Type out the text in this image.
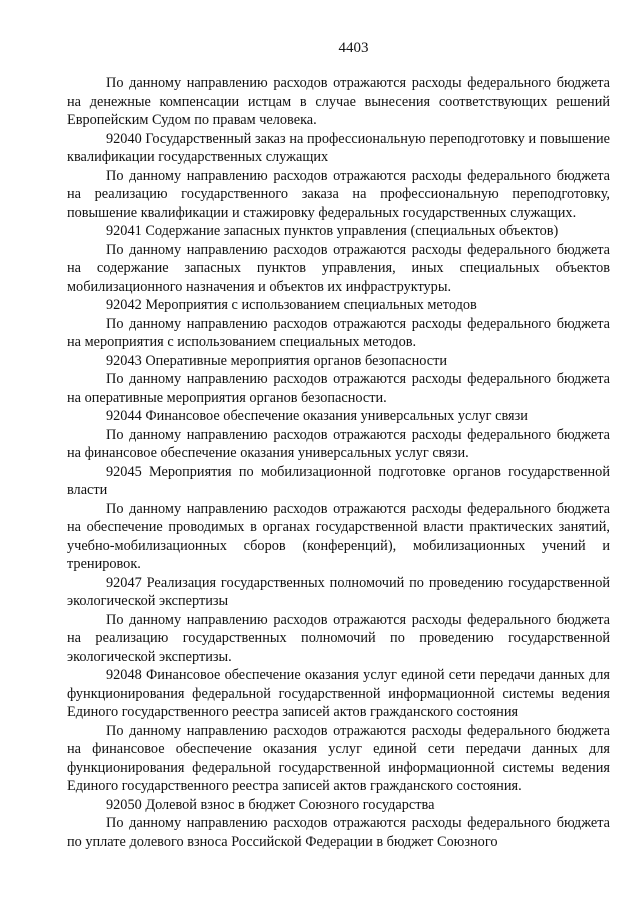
4403

По данному направлению расходов отражаются расходы федерального бюджета на денежные компенсации истцам в случае вынесения соответствующих решений Европейским Судом по правам человека.

92040 Государственный заказ на профессиональную переподготовку и повышение квалификации государственных служащих

По данному направлению расходов отражаются расходы федерального бюджета на реализацию государственного заказа на профессиональную переподготовку, повышение квалификации и стажировку федеральных государственных служащих.

92041 Содержание запасных пунктов управления (специальных объектов)

По данному направлению расходов отражаются расходы федерального бюджета на содержание запасных пунктов управления, иных специальных объектов мобилизационного назначения и объектов их инфраструктуры.

92042 Мероприятия с использованием специальных методов

По данному направлению расходов отражаются расходы федерального бюджета на мероприятия с использованием специальных методов.

92043 Оперативные мероприятия органов безопасности

По данному направлению расходов отражаются расходы федерального бюджета на оперативные мероприятия органов безопасности.

92044 Финансовое обеспечение оказания универсальных услуг связи

По данному направлению расходов отражаются расходы федерального бюджета на финансовое обеспечение оказания универсальных услуг связи.

92045 Мероприятия по мобилизационной подготовке органов государственной власти

По данному направлению расходов отражаются расходы федерального бюджета на обеспечение проводимых в органах государственной власти практических занятий, учебно-мобилизационных сборов (конференций), мобилизационных учений и тренировок.

92047 Реализация государственных полномочий по проведению государственной экологической экспертизы

По данному направлению расходов отражаются расходы федерального бюджета на реализацию государственных полномочий по проведению государственной экологической экспертизы.

92048 Финансовое обеспечение оказания услуг единой сети передачи данных для функционирования федеральной государственной информационной системы ведения Единого государственного реестра записей актов гражданского состояния

По данному направлению расходов отражаются расходы федерального бюджета на финансовое обеспечение оказания услуг единой сети передачи данных для функционирования федеральной государственной информационной системы ведения Единого государственного реестра записей актов гражданского состояния.

92050 Долевой взнос в бюджет Союзного государства

По данному направлению расходов отражаются расходы федерального бюджета по уплате долевого взноса Российской Федерации в бюджет Союзного
